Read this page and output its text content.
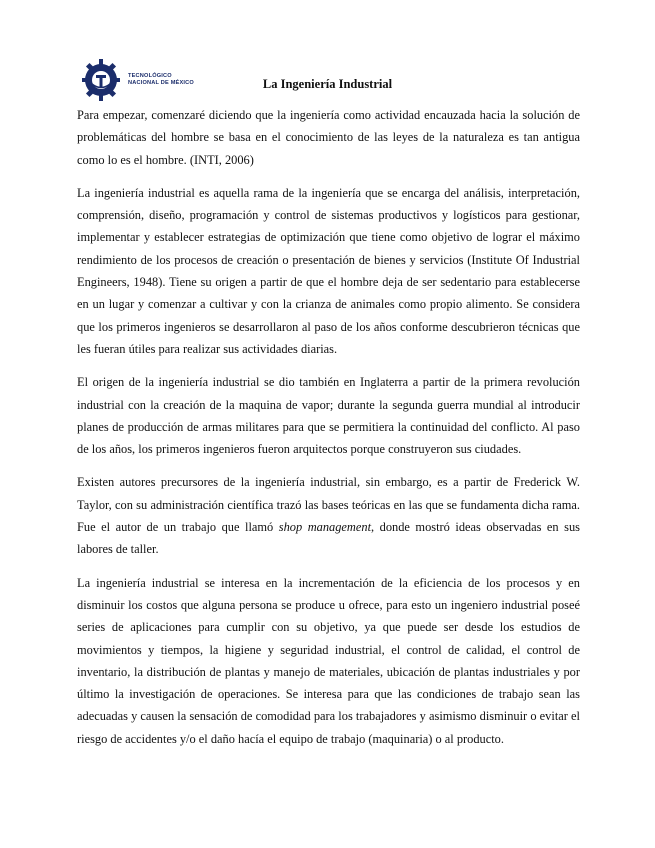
TECNOLÓGICO
NACIONAL DE MÉXICO	La Ingeniería Industrial

Para empezar, comenzaré diciendo que la ingeniería como actividad encauzada hacia la solución de problemáticas del hombre se basa en el conocimiento de las leyes de la naturaleza es tan antigua como lo es el hombre. (INTI, 2006)

La ingeniería industrial es aquella rama de la ingeniería que se encarga del análisis, interpretación, comprensión, diseño, programación y control de sistemas productivos y logísticos para gestionar, implementar y establecer estrategias de optimización que tiene como objetivo de lograr el máximo rendimiento de los procesos de creación o presentación de bienes y servicios (Institute Of Industrial Engineers, 1948). Tiene su origen a partir de que el hombre deja de ser sedentario para establecerse en un lugar y comenzar a cultivar y con la crianza de animales como propio alimento. Se considera que los primeros ingenieros se desarrollaron al paso de los años conforme descubrieron técnicas que les fueran útiles para realizar sus actividades diarias.

El origen de la ingeniería industrial se dio también en Inglaterra a partir de la primera revolución industrial con la creación de la maquina de vapor; durante la segunda guerra mundial al introducir planes de producción de armas militares para que se permitiera la continuidad del conflicto. Al paso de los años, los primeros ingenieros fueron arquitectos porque construyeron sus ciudades.

Existen autores precursores de la ingeniería industrial, sin embargo, es a partir de Frederick W. Taylor, con su administración científica trazó las bases teóricas en las que se fundamenta dicha rama. Fue el autor de un trabajo que llamó shop management, donde mostró ideas observadas en sus labores de taller.

La ingeniería industrial se interesa en la incrementación de la eficiencia de los procesos y en disminuir los costos que alguna persona se produce u ofrece, para esto un ingeniero industrial poseé series de aplicaciones para cumplir con su objetivo, ya que puede ser desde los estudios de movimientos y tiempos, la higiene y seguridad industrial, el control de calidad, el control de inventario, la distribución de plantas y manejo de materiales, ubicación de plantas industriales y por último la investigación de operaciones. Se interesa para que las condiciones de trabajo sean las adecuadas y causen la sensación de comodidad para los trabajadores y asimismo disminuir o evitar el riesgo de accidentes y/o el daño hacía el equipo de trabajo (maquinaria) o al producto.
